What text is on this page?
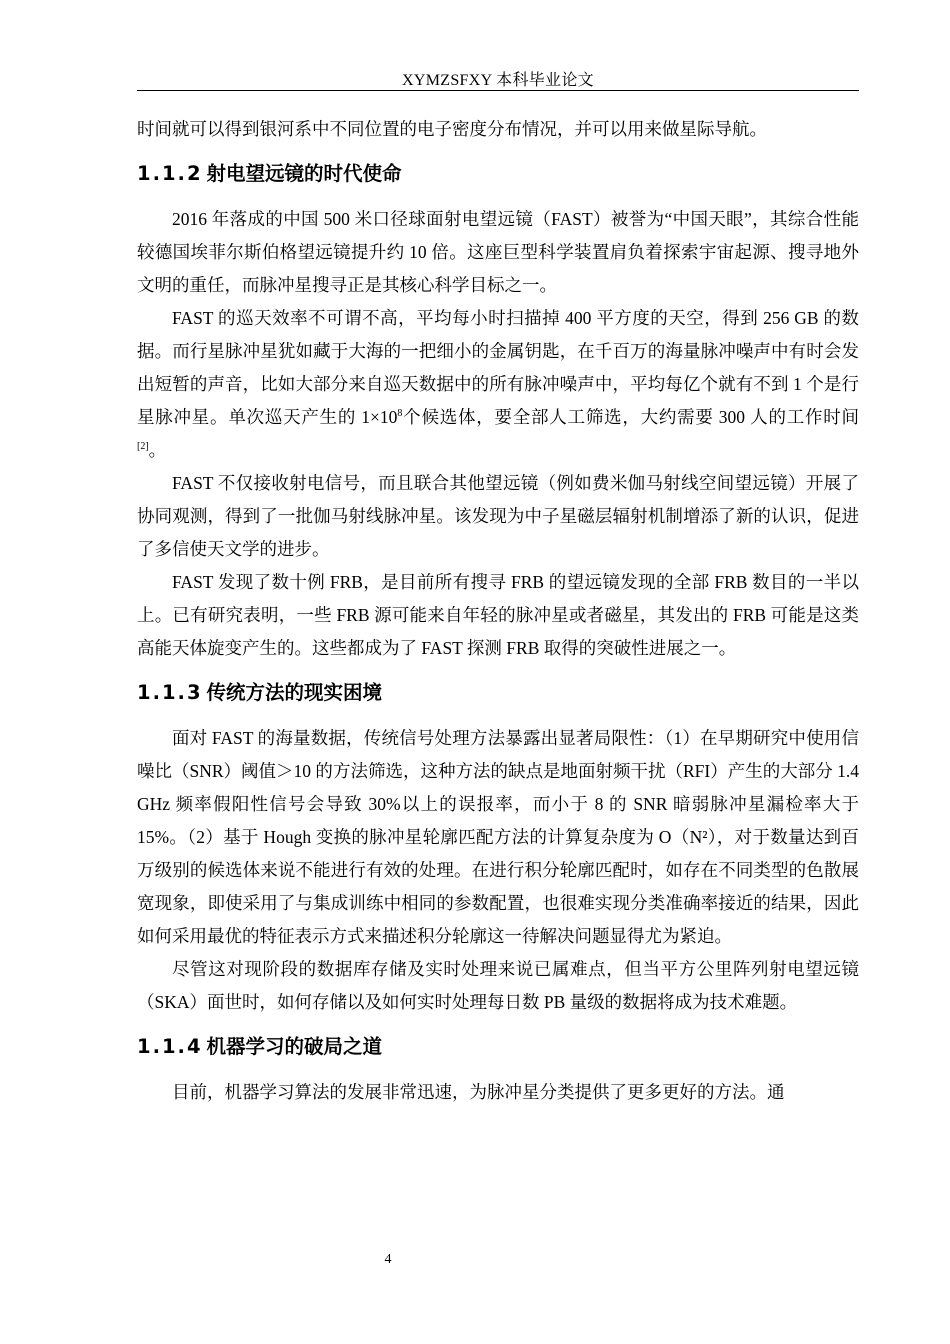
XYMZSFXY 本科毕业论文

时间就可以得到银河系中不同位置的电子密度分布情况，并可以用来做星际导航。

1.1.2 射电望远镜的时代使命

2016 年落成的中国 500 米口径球面射电望远镜（FAST）被誉为“中国天眼”，其综合性能较德国埃菲尔斯伯格望远镜提升约 10 倍。这座巨型科学装置肩负着探索宇宙起源、搜寻地外文明的重任，而脉冲星搜寻正是其核心科学目标之一。

FAST 的巡天效率不可谓不高，平均每小时扫描掉 400 平方度的天空，得到 256 GB 的数据。而行星脉冲星犹如藏于大海的一把细小的金属钥匙，在千百万的海量脉冲噪声中有时会发出短暂的声音，比如大部分来自巡天数据中的所有脉冲噪声中，平均每亿个就有不到 1 个是行星脉冲星。单次巡天产生的 $1\times 10^8$个候选体，要全部人工筛选，大约需要 300 人的工作时间[2]。

FAST 不仅接收射电信号，而且联合其他望远镜（例如费米伽马射线空间望远镜）开展了协同观测，得到了一批伽马射线脉冲星。该发现为中子星磁层辐射机制增添了新的认识，促进了多信使天文学的进步。

FAST 发现了数十例 FRB，是目前所有搜寻 FRB 的望远镜发现的全部 FRB 数目的一半以上。已有研究表明，一些 FRB 源可能来自年轻的脉冲星或者磁星，其发出的 FRB 可能是这类高能天体旋变产生的。这些都成为了 FAST 探测 FRB 取得的突破性进展之一。

1.1.3 传统方法的现实困境

面对 FAST 的海量数据，传统信号处理方法暴露出显著局限性：（1）在早期研究中使用信噪比（SNR）阈值＞10 的方法筛选，这种方法的缺点是地面射频干扰（RFI）产生的大部分 1.4 GHz 频率假阳性信号会导致 30%以上的误报率，而小于 8 的 SNR 暗弱脉冲星漏检率大于 15%。（2）基于 Hough 变换的脉冲星轮廓匹配方法的计算复杂度为 O（N²），对于数量达到百万级别的候选体来说不能进行有效的处理。在进行积分轮廓匹配时，如存在不同类型的色散展宽现象，即使采用了与集成训练中相同的参数配置，也很难实现分类准确率接近的结果，因此如何采用最优的特征表示方式来描述积分轮廓这一待解决问题显得尤为紧迫。

尽管这对现阶段的数据库存储及实时处理来说已属难点，但当平方公里阵列射电望远镜（SKA）面世时，如何存储以及如何实时处理每日数 PB 量级的数据将成为技术难题。

1.1.4 机器学习的破局之道

目前，机器学习算法的发展非常迅速，为脉冲星分类提供了更多更好的方法。通

4
